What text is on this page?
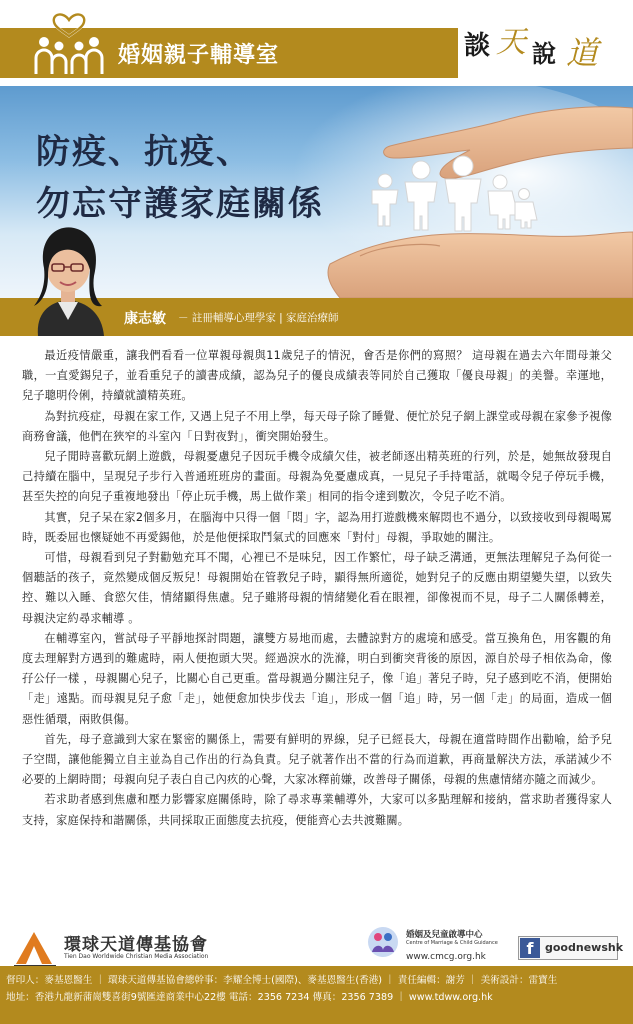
婚姻親子輔導室	談 天 說 道
防疫、抗疫、
勿忘守護家庭關係
康志敏 － 註冊輔導心理學家 | 家庭治療師

最近疫情嚴重，讓我們看看一位單親母親與11歲兒子的情況，會否是你們的寫照？ 這母親在過去六年間母兼父職，一直愛錫兒子，並看重兒子的讀書成績，認為兒子的優良成績表等同於自己獲取「優良母親」的美譽。幸運地，兒子聰明伶俐，持續就讀精英班。

為對抗疫症，母親在家工作, 又遇上兒子不用上學，每天母子除了睡覺、便忙於兒子網上課堂或母親在家參予視像商務會議，他們在狹窄的斗室內「日對夜對」，衝突開始發生。

兒子閒時喜歡玩網上遊戲，母親憂慮兒子因玩手機令成績欠佳，被老師逐出精英班的行列，於是，她無故發現自己持續在腦中，呈現兒子步行入普通班班房的畫面。母親為免憂慮成真，一見兒子手持電話，就喝令兒子停玩手機，甚至失控的向兒子重複地發出「停止玩手機，馬上做作業」相同的指令達到數次，令兒子吃不消。

其實，兒子呆在家2個多月，在腦海中只得一個「悶」字，認為用打遊戲機來解悶也不過分，以致接收到母親喝罵時，既委屈也懷疑她不再愛錫他，於是他便採取鬥氣式的回應來「對付」母親，爭取她的關注。

可惜，母親看到兒子對勸勉充耳不聞，心裡已不是味兒，因工作繁忙，母子缺乏溝通，更無法理解兒子為何從一個聽話的孩子，竟然變成個反叛兒！母親開始在管教兒子時，顯得無所適從，她對兒子的反應由期望變失望，以致失控、難以入睡、食慾欠佳，情緒顯得焦慮。兒子雖將母親的情緒變化看在眼裡，卻像視而不見，母子二人關係轉差，母親決定約尋求輔導 。

在輔導室內，嘗試母子平靜地探討問題，讓雙方易地而處，去體諒對方的處境和感受。當互換角色，用客觀的角度去理解對方遇到的難處時，兩人便抱頭大哭。經過淚水的洗滌，明白到衝突背後的原因，源自於母子相依為命，像孖公仔一樣 ，母親關心兒子，比關心自己更重。當母親過分關注兒子，像「追」著兒子時，兒子感到吃不消，便開始「走」遠點。而母親見兒子愈「走」，她便愈加快步伐去「追」，形成一個「追」時，另一個「走」的局面，造成一個惡性循環，兩敗俱傷。

首先，母子意識到大家在緊密的關係上，需要有鮮明的界線，兒子已經長大，母親在適當時間作出勸喻，給予兒子空間，讓他能獨立自主並為自己作出的行為負責。兒子就著作出不當的行為而道歉，再商量解決方法，承諾減少不必要的上網時間；母親向兒子表白自己內疚的心聲，大家冰釋前嫌，改善母子關係，母親的焦慮情緒亦隨之而減少。

若求助者感到焦慮和壓力影響家庭關係時，除了尋求專業輔導外，大家可以多點理解和接納，當求助者獲得家人支持，家庭保持和諧關係，共同採取正面態度去抗疫，便能齊心去共渡難關。

環球天道傳基協會
Tien Dao Worldwide Christian Media Association
婚姻及兒童啟導中心
Centre of Marriage & Child Guidance
www.cmcg.org.hk	f	goodnewshk
督印人：麥基恩醫生 ｜ 環球天道傳基協會總幹事：李耀全博士(國際)、麥基恩醫生(香港) ｜ 責任編輯：謝芳 ｜ 美術設計：雷寶生
地址：香港九龍新蒲崗雙喜街9號匯達商業中心22樓 電話：2356 7234 傳真：2356 7389 ｜ www.tdww.org.hk
